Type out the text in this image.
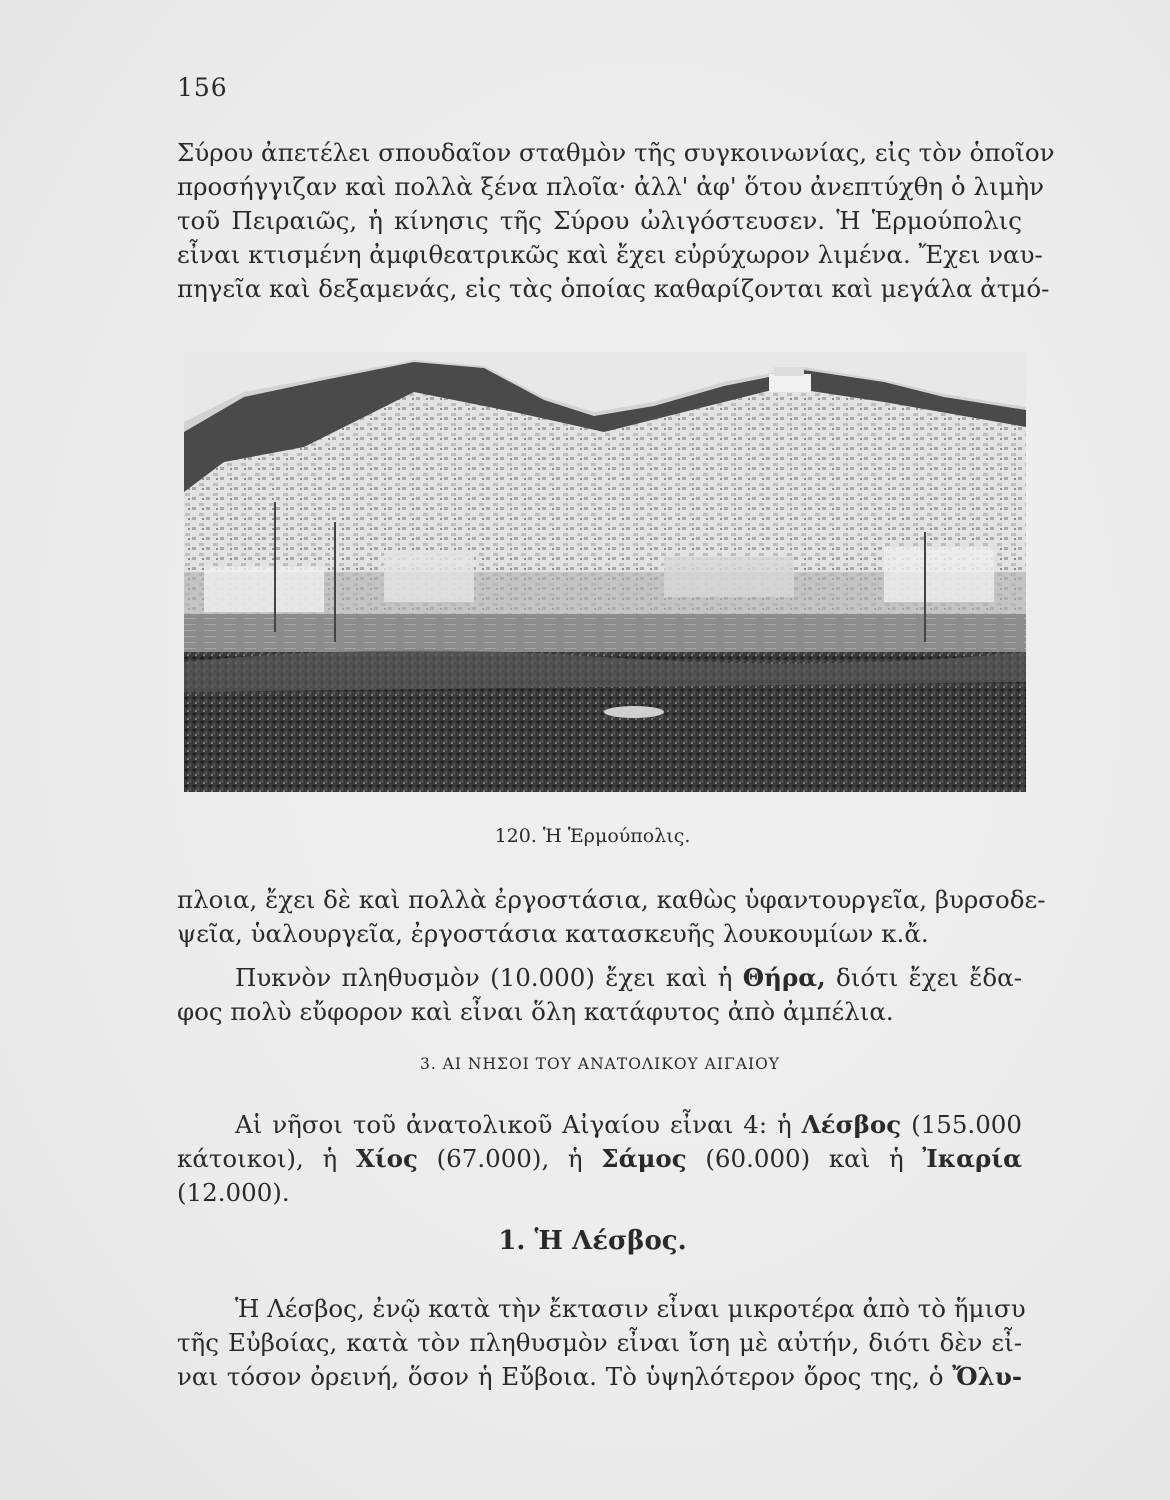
156
Σύρου ἀπετέλει σπουδαῖον σταθμὸν τῆς συγκοινωνίας, εἰς τὸν ὁποῖον
προσήγγιζαν καὶ πολλὰ ξένα πλοῖα· ἀλλ' ἀφ' ὅτου ἀνεπτύχθη ὁ λιμὴν
τοῦ Πειραιῶς, ἡ κίνησις τῆς Σύρου ὠλιγόστευσεν. Ἡ Ἑρμούπολις
εἶναι κτισμένη ἀμφιθεατρικῶς καὶ ἔχει εὐρύχωρον λιμένα. Ἔχει ναυ-
πηγεῖα καὶ δεξαμενάς, εἰς τὰς ὁποίας καθαρίζονται καὶ μεγάλα ἀτμό-
120. Ἡ Ἑρμούπολις.
πλοια, ἔχει δὲ καὶ πολλὰ ἐργοστάσια, καθὼς ὑφαντουργεῖα, βυρσοδε-
ψεῖα, ὑαλουργεῖα, ἐργοστάσια κατασκευῆς λουκουμίων κ.ἄ.
Πυκνὸν πληθυσμὸν (10.000) ἔχει καὶ ἡ Θήρα, διότι ἔχει ἔδα-
φος πολὺ εὔφορον καὶ εἶναι ὅλη κατάφυτος ἀπὸ ἀμπέλια.
3. ΑΙ ΝΗΣΟΙ ΤΟΥ ΑΝΑΤΟΛΙΚΟΥ ΑΙΓΑΙΟΥ
Αἱ νῆσοι τοῦ ἀνατολικοῦ Αἰγαίου εἶναι 4: ἡ Λέσβος (155.000
κάτοικοι), ἡ Χίος (67.000), ἡ Σάμος (60.000) καὶ ἡ Ἰκαρία
(12.000).
1. Ἡ Λέσβος.
Ἡ Λέσβος, ἐνῷ κατὰ τὴν ἔκτασιν εἶναι μικροτέρα ἀπὸ τὸ ἥμισυ
τῆς Εὐβοίας, κατὰ τὸν πληθυσμὸν εἶναι ἴση μὲ αὐτήν, διότι δὲν εἶ-
ναι τόσον ὀρεινή, ὅσον ἡ Εὔβοια. Τὸ ὑψηλότερον ὄρος της, ὁ Ὄλυ-
